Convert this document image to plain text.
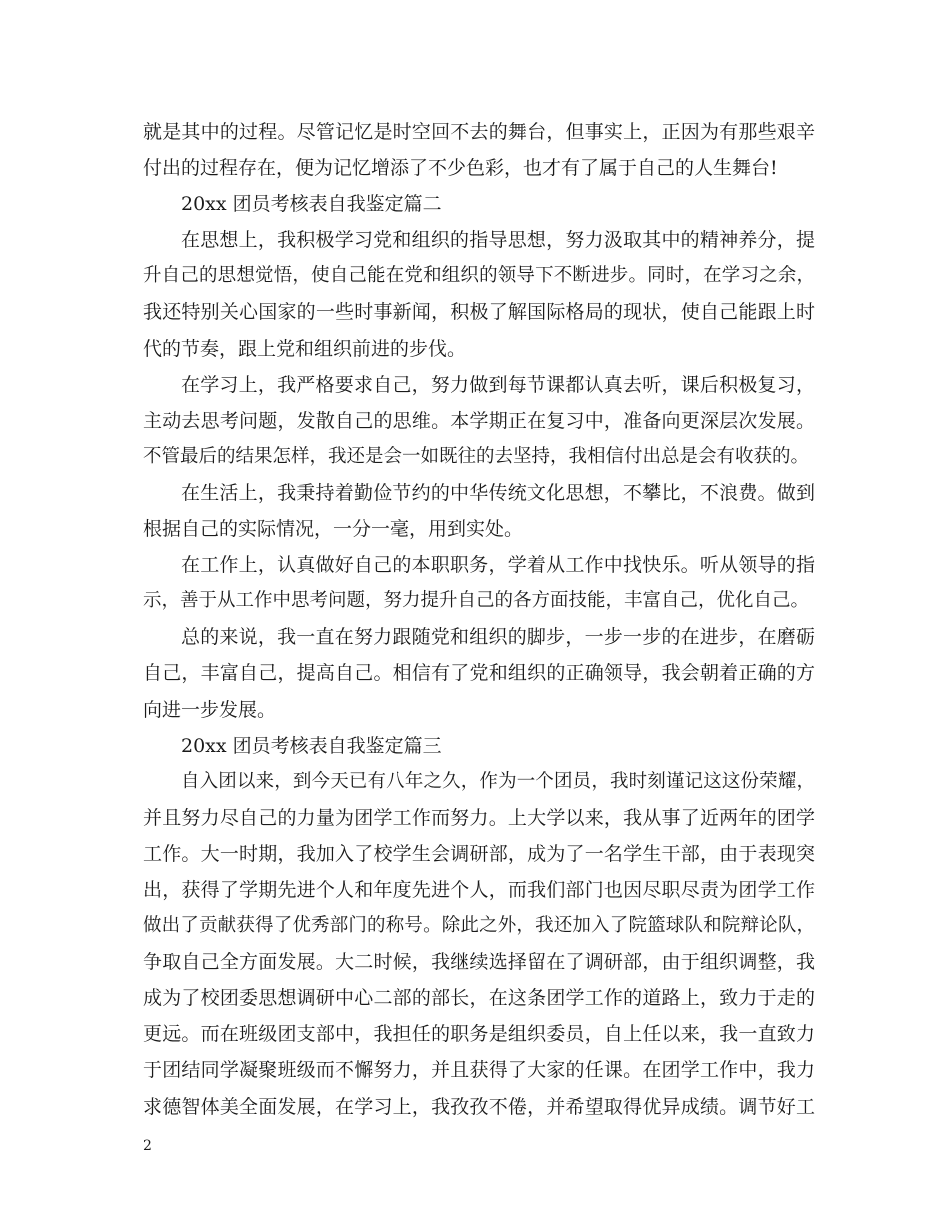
就是其中的过程。尽管记忆是时空回不去的舞台，但事实上，正因为有那些艰辛
付出的过程存在，便为记忆增添了不少色彩，也才有了属于自己的人生舞台!
20xx 团员考核表自我鉴定篇二
在思想上，我积极学习党和组织的指导思想，努力汲取其中的精神养分，提
升自己的思想觉悟，使自己能在党和组织的领导下不断进步。同时，在学习之余，
我还特别关心国家的一些时事新闻，积极了解国际格局的现状，使自己能跟上时
代的节奏，跟上党和组织前进的步伐。
在学习上，我严格要求自己，努力做到每节课都认真去听，课后积极复习，
主动去思考问题，发散自己的思维。本学期正在复习中，准备向更深层次发展。
不管最后的结果怎样，我还是会一如既往的去坚持，我相信付出总是会有收获的。
在生活上，我秉持着勤俭节约的中华传统文化思想，不攀比，不浪费。做到
根据自己的实际情况，一分一毫，用到实处。
在工作上，认真做好自己的本职职务，学着从工作中找快乐。听从领导的指
示，善于从工作中思考问题，努力提升自己的各方面技能，丰富自己，优化自己。
总的来说，我一直在努力跟随党和组织的脚步，一步一步的在进步，在磨砺
自己，丰富自己，提高自己。相信有了党和组织的正确领导，我会朝着正确的方
向进一步发展。
20xx 团员考核表自我鉴定篇三
自入团以来，到今天已有八年之久，作为一个团员，我时刻谨记这这份荣耀，
并且努力尽自己的力量为团学工作而努力。上大学以来，我从事了近两年的团学
工作。大一时期，我加入了校学生会调研部，成为了一名学生干部，由于表现突
出，获得了学期先进个人和年度先进个人，而我们部门也因尽职尽责为团学工作
做出了贡献获得了优秀部门的称号。除此之外，我还加入了院篮球队和院辩论队，
争取自己全方面发展。大二时候，我继续选择留在了调研部，由于组织调整，我
成为了校团委思想调研中心二部的部长，在这条团学工作的道路上，致力于走的
更远。而在班级团支部中，我担任的职务是组织委员，自上任以来，我一直致力
于团结同学凝聚班级而不懈努力，并且获得了大家的任课。在团学工作中，我力
求德智体美全面发展，在学习上，我孜孜不倦，并希望取得优异成绩。调节好工
2
